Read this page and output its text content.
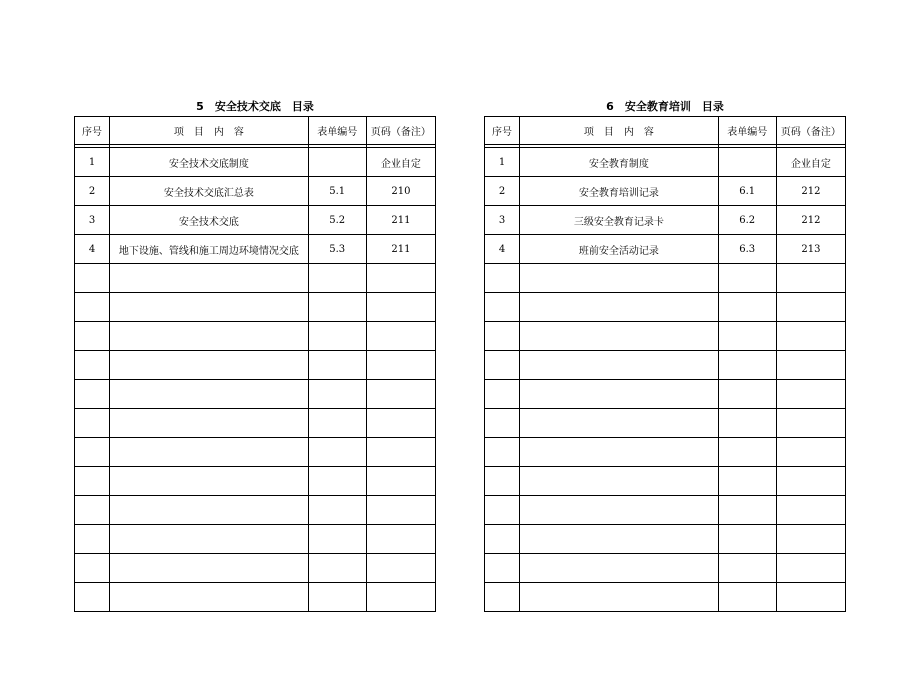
5　安全技术交底　目录
序号	项　目　内　容	表单编号	页码（备注）

1	安全技术交底制度		企业自定
2	安全技术交底汇总表	5.1	210
3	安全技术交底	5.2	211
4	地下设施、管线和施工周边环境情况交底	5.3	211

6　安全教育培训　目录
序号	项　目　内　容	表单编号	页码（备注）

1	安全教育制度		企业自定
2	安全教育培训记录	6.1	212
3	三级安全教育记录卡	6.2	212
4	班前安全活动记录	6.3	213
